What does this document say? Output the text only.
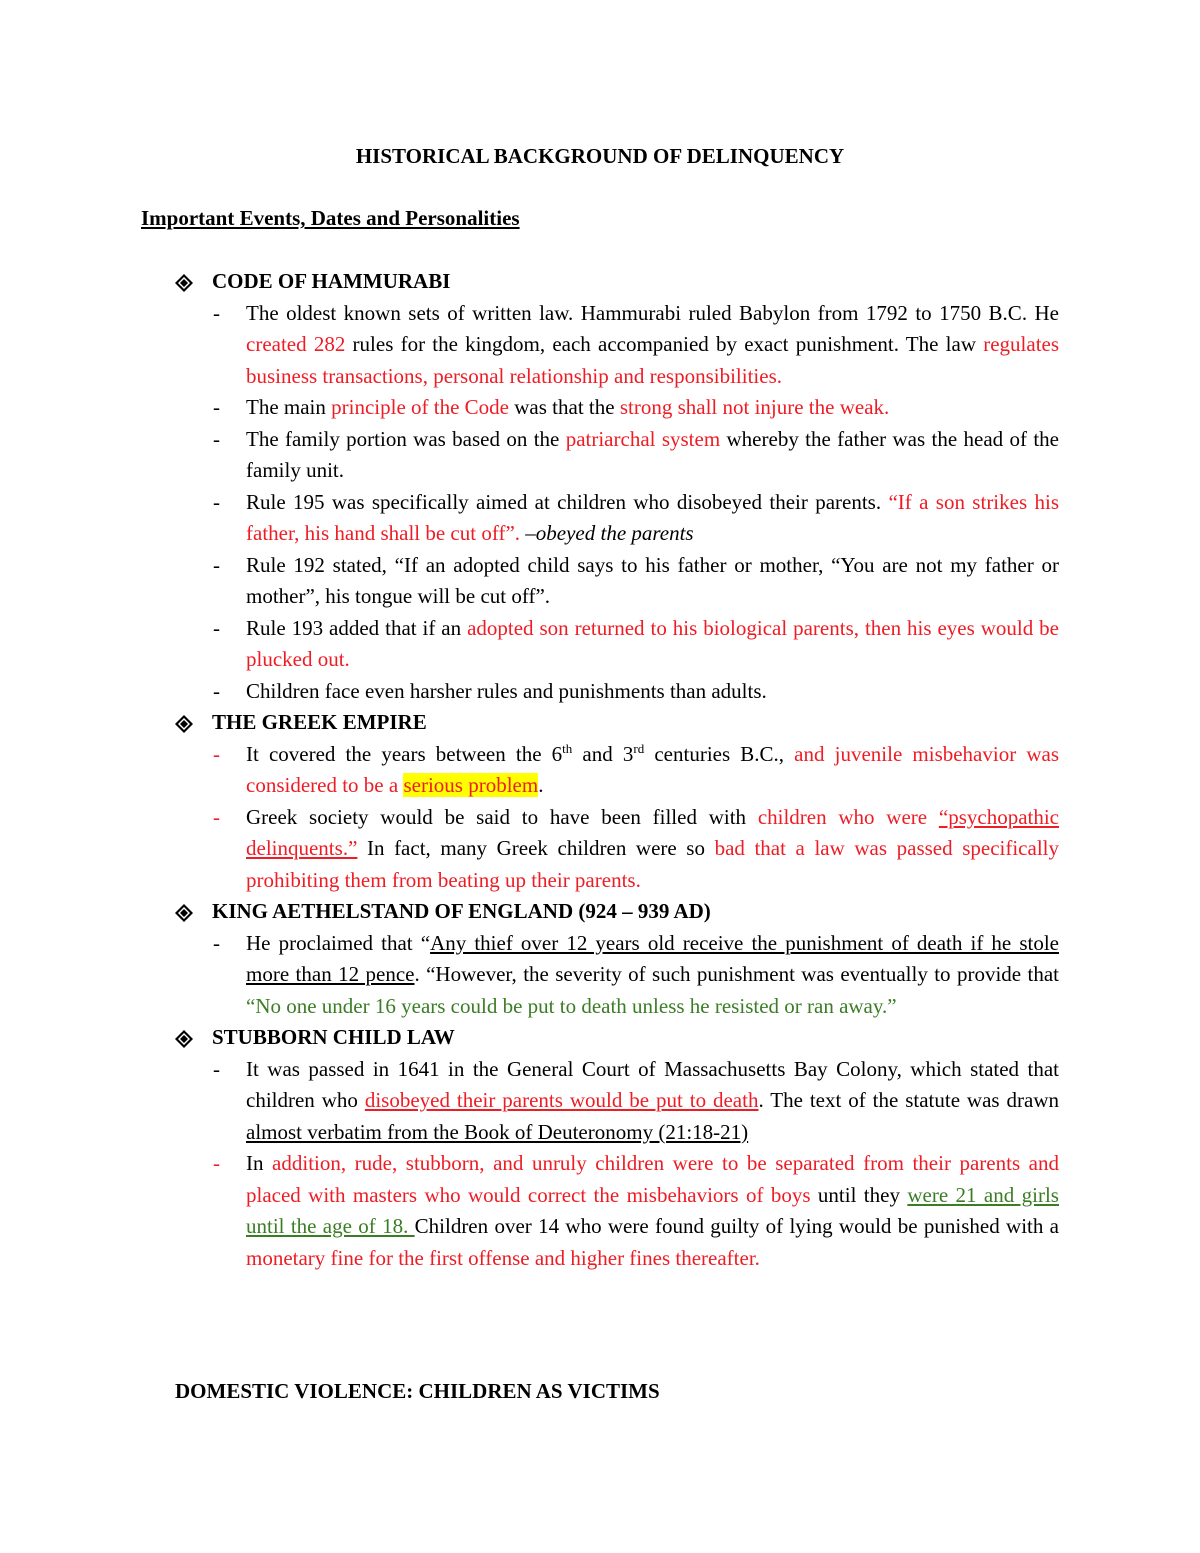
HISTORICAL BACKGROUND OF DELINQUENCY
Important Events, Dates and Personalities
CODE OF HAMMURABI
- The oldest known sets of written law. Hammurabi ruled Babylon from 1792 to 1750 B.C. He created 282 rules for the kingdom, each accompanied by exact punishment. The law regulates business transactions, personal relationship and responsibilities.
- The main principle of the Code was that the strong shall not injure the weak.
- The family portion was based on the patriarchal system whereby the father was the head of the family unit.
- Rule 195 was specifically aimed at children who disobeyed their parents. “If a son strikes his father, his hand shall be cut off”. –obeyed the parents
- Rule 192 stated, “If an adopted child says to his father or mother, “You are not my father or mother”, his tongue will be cut off”.
- Rule 193 added that if an adopted son returned to his biological parents, then his eyes would be plucked out.
- Children face even harsher rules and punishments than adults.
THE GREEK EMPIRE
- It covered the years between the 6th and 3rd centuries B.C., and juvenile misbehavior was considered to be a serious problem.
- Greek society would be said to have been filled with children who were “psychopathic delinquents.” In fact, many Greek children were so bad that a law was passed specifically prohibiting them from beating up their parents.
KING AETHELSTAND OF ENGLAND (924 – 939 AD)
- He proclaimed that “Any thief over 12 years old receive the punishment of death if he stole more than 12 pence. “However, the severity of such punishment was eventually to provide that “No one under 16 years could be put to death unless he resisted or ran away.”
STUBBORN CHILD LAW
- It was passed in 1641 in the General Court of Massachusetts Bay Colony, which stated that children who disobeyed their parents would be put to death. The text of the statute was drawn almost verbatim from the Book of Deuteronomy (21:18-21)
- In addition, rude, stubborn, and unruly children were to be separated from their parents and placed with masters who would correct the misbehaviors of boys until they were 21 and girls until the age of 18. Children over 14 who were found guilty of lying would be punished with a monetary fine for the first offense and higher fines thereafter.
DOMESTIC VIOLENCE: CHILDREN AS VICTIMS
